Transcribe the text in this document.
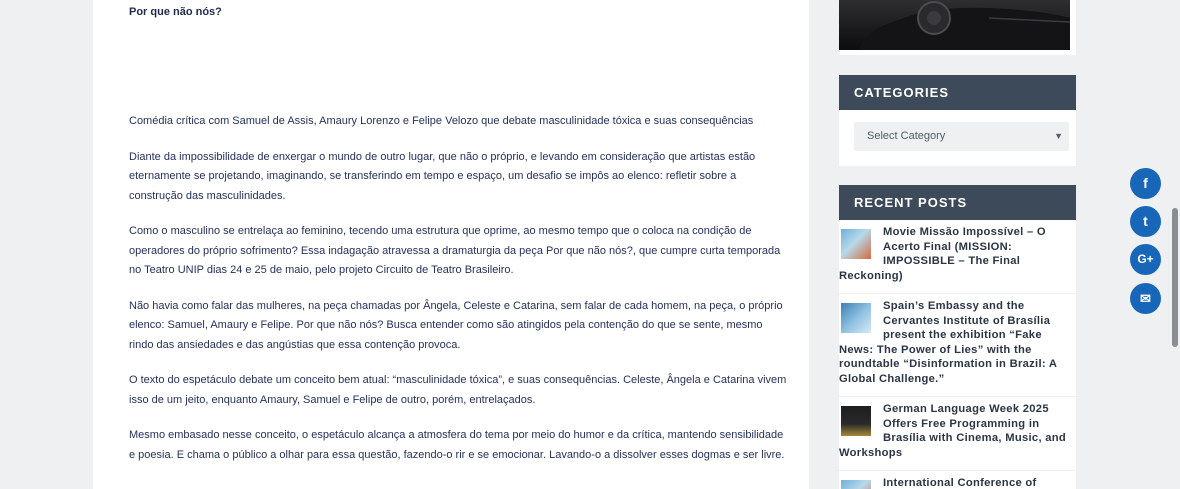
Por que não nós?

Comédia crítica com Samuel de Assis, Amaury Lorenzo e Felipe Velozo que debate masculinidade tóxica e suas consequências

Diante da impossibilidade de enxergar o mundo de outro lugar, que não o próprio, e levando em consideração que artistas estão eternamente se projetando, imaginando, se transferindo em tempo e espaço, um desafio se impôs ao elenco: refletir sobre a construção das masculinidades.

Como o masculino se entrelaça ao feminino, tecendo uma estrutura que oprime, ao mesmo tempo que o coloca na condição de operadores do próprio sofrimento? Essa indagação atravessa a dramaturgia da peça Por que não nós?, que cumpre curta temporada no Teatro UNIP dias 24 e 25 de maio, pelo projeto Circuito de Teatro Brasileiro.

Não havia como falar das mulheres, na peça chamadas por Ângela, Celeste e Catarina, sem falar de cada homem, na peça, o próprio elenco: Samuel, Amaury e Felipe. Por que não nós? Busca entender como são atingidos pela contenção do que se sente, mesmo rindo das ansiedades e das angústias que essa contenção provoca.

O texto do espetáculo debate um conceito bem atual: “masculinidade tóxica”, e suas consequências. Celeste, Ângela e Catarina vivem isso de um jeito, enquanto Amaury, Samuel e Felipe de outro, porém, entrelaçados.

Mesmo embasado nesse conceito, o espetáculo alcança a atmosfera do tema por meio do humor e da crítica, mantendo sensibilidade e poesia. E chama o público a olhar para essa questão, fazendo-o rir e se emocionar. Lavando-o a dissolver esses dogmas e ser livre.

CATEGORIES
Select Category	▼
RECENT POSTS
Movie Missão Impossível – O Acerto Final (MISSION: IMPOSSIBLE – The Final Reckoning)
Spain’s Embassy and the Cervantes Institute of Brasília present the exhibition “Fake News: The Power of Lies” with the roundtable “Disinformation in Brazil: A Global Challenge.”
German Language Week 2025 Offers Free Programming in Brasília with Cinema, Music, and Workshops
International Conference of
f
t
G+
✉
